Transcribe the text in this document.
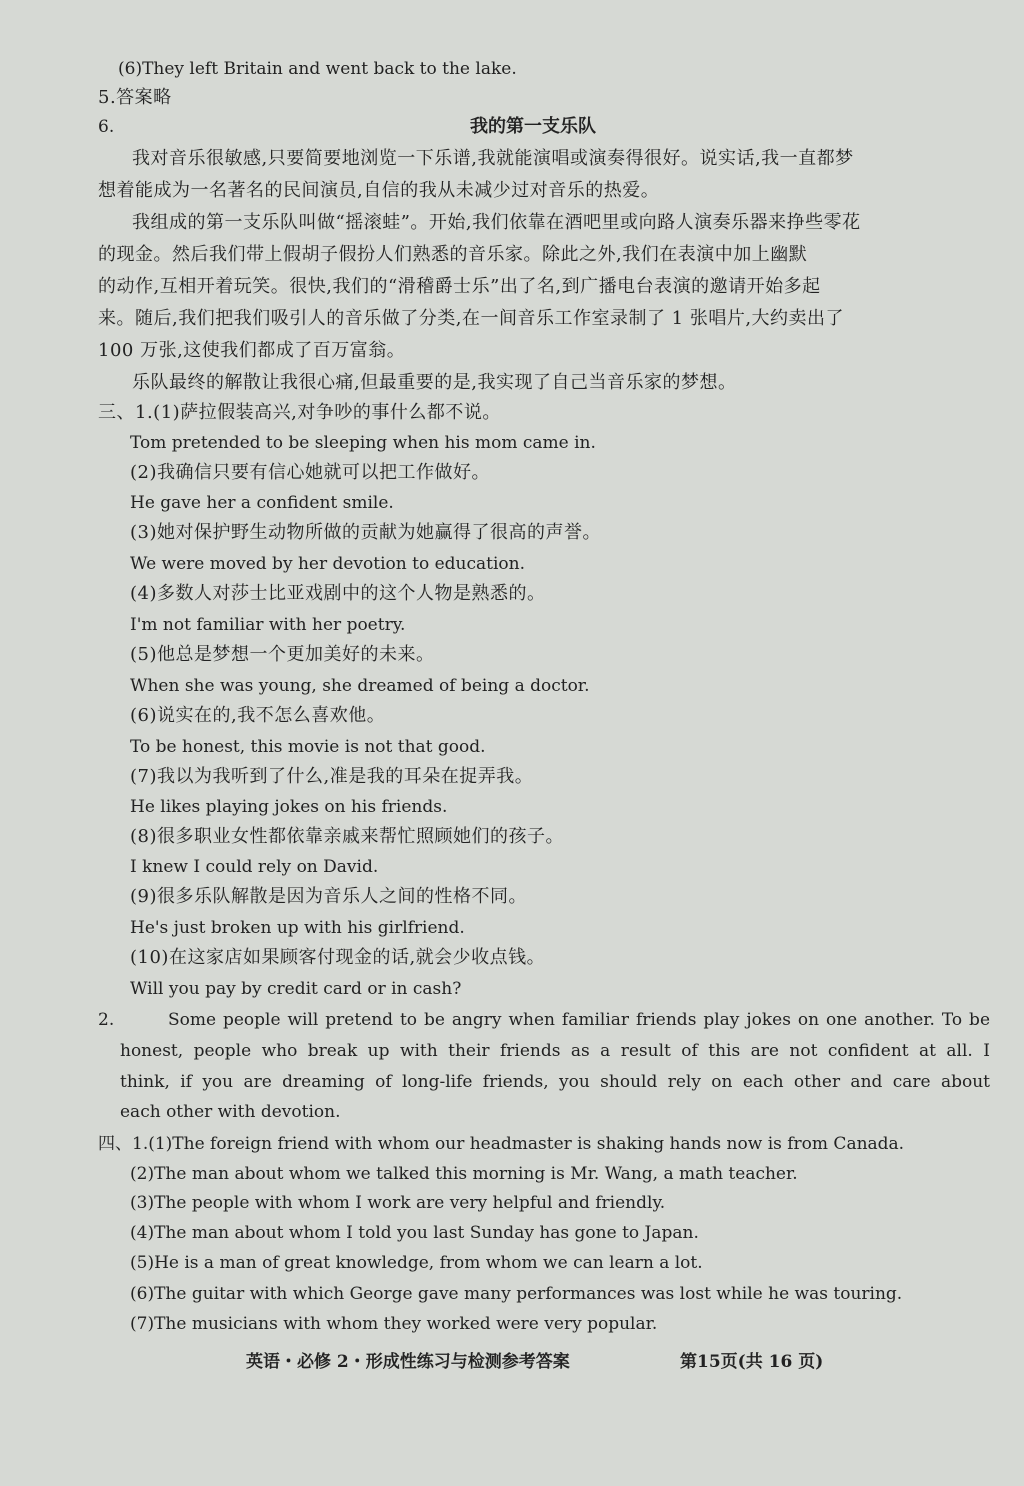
(6)They left Britain and went back to the lake.
5.答案略
6.	我的第一支乐队
我对音乐很敏感,只要简要地浏览一下乐谱,我就能演唱或演奏得很好。说实话,我一直都梦
想着能成为一名著名的民间演员,自信的我从未减少过对音乐的热爱。
我组成的第一支乐队叫做“摇滚蛙”。开始,我们依靠在酒吧里或向路人演奏乐器来挣些零花
的现金。然后我们带上假胡子假扮人们熟悉的音乐家。除此之外,我们在表演中加上幽默
的动作,互相开着玩笑。很快,我们的“滑稽爵士乐”出了名,到广播电台表演的邀请开始多起
来。随后,我们把我们吸引人的音乐做了分类,在一间音乐工作室录制了 1 张唱片,大约卖出了
100 万张,这使我们都成了百万富翁。
乐队最终的解散让我很心痛,但最重要的是,我实现了自己当音乐家的梦想。
三、1.(1)萨拉假装高兴,对争吵的事什么都不说。
Tom pretended to be sleeping when his mom came in.
(2)我确信只要有信心她就可以把工作做好。
He gave her a confident smile.
(3)她对保护野生动物所做的贡献为她赢得了很高的声誉。
We were moved by her devotion to education.
(4)多数人对莎士比亚戏剧中的这个人物是熟悉的。
I'm not familiar with her poetry.
(5)他总是梦想一个更加美好的未来。
When she was young, she dreamed of being a doctor.
(6)说实在的,我不怎么喜欢他。
To be honest, this movie is not that good.
(7)我以为我听到了什么,准是我的耳朵在捉弄我。
He likes playing jokes on his friends.
(8)很多职业女性都依靠亲戚来帮忙照顾她们的孩子。
I knew I could rely on David.
(9)很多乐队解散是因为音乐人之间的性格不同。
He's just broken up with his girlfriend.
(10)在这家店如果顾客付现金的话,就会少收点钱。
Will you pay by credit card or in cash?
2.	Some people will pretend to be angry when familiar friends play jokes on one another. To be
honest, people who break up with their friends as a result of this are not confident at all. I
think, if you are dreaming of long-life friends, you should rely on each other and care about
each other with devotion.
四、1.(1)The foreign friend with whom our headmaster is shaking hands now is from Canada.
(2)The man about whom we talked this morning is Mr. Wang, a math teacher.
(3)The people with whom I work are very helpful and friendly.
(4)The man about whom I told you last Sunday has gone to Japan.
(5)He is a man of great knowledge, from whom we can learn a lot.
(6)The guitar with which George gave many performances was lost while he was touring.
(7)The musicians with whom they worked were very popular.
英语・必修 2・形成性练习与检测参考答案	第15页(共 16 页)
